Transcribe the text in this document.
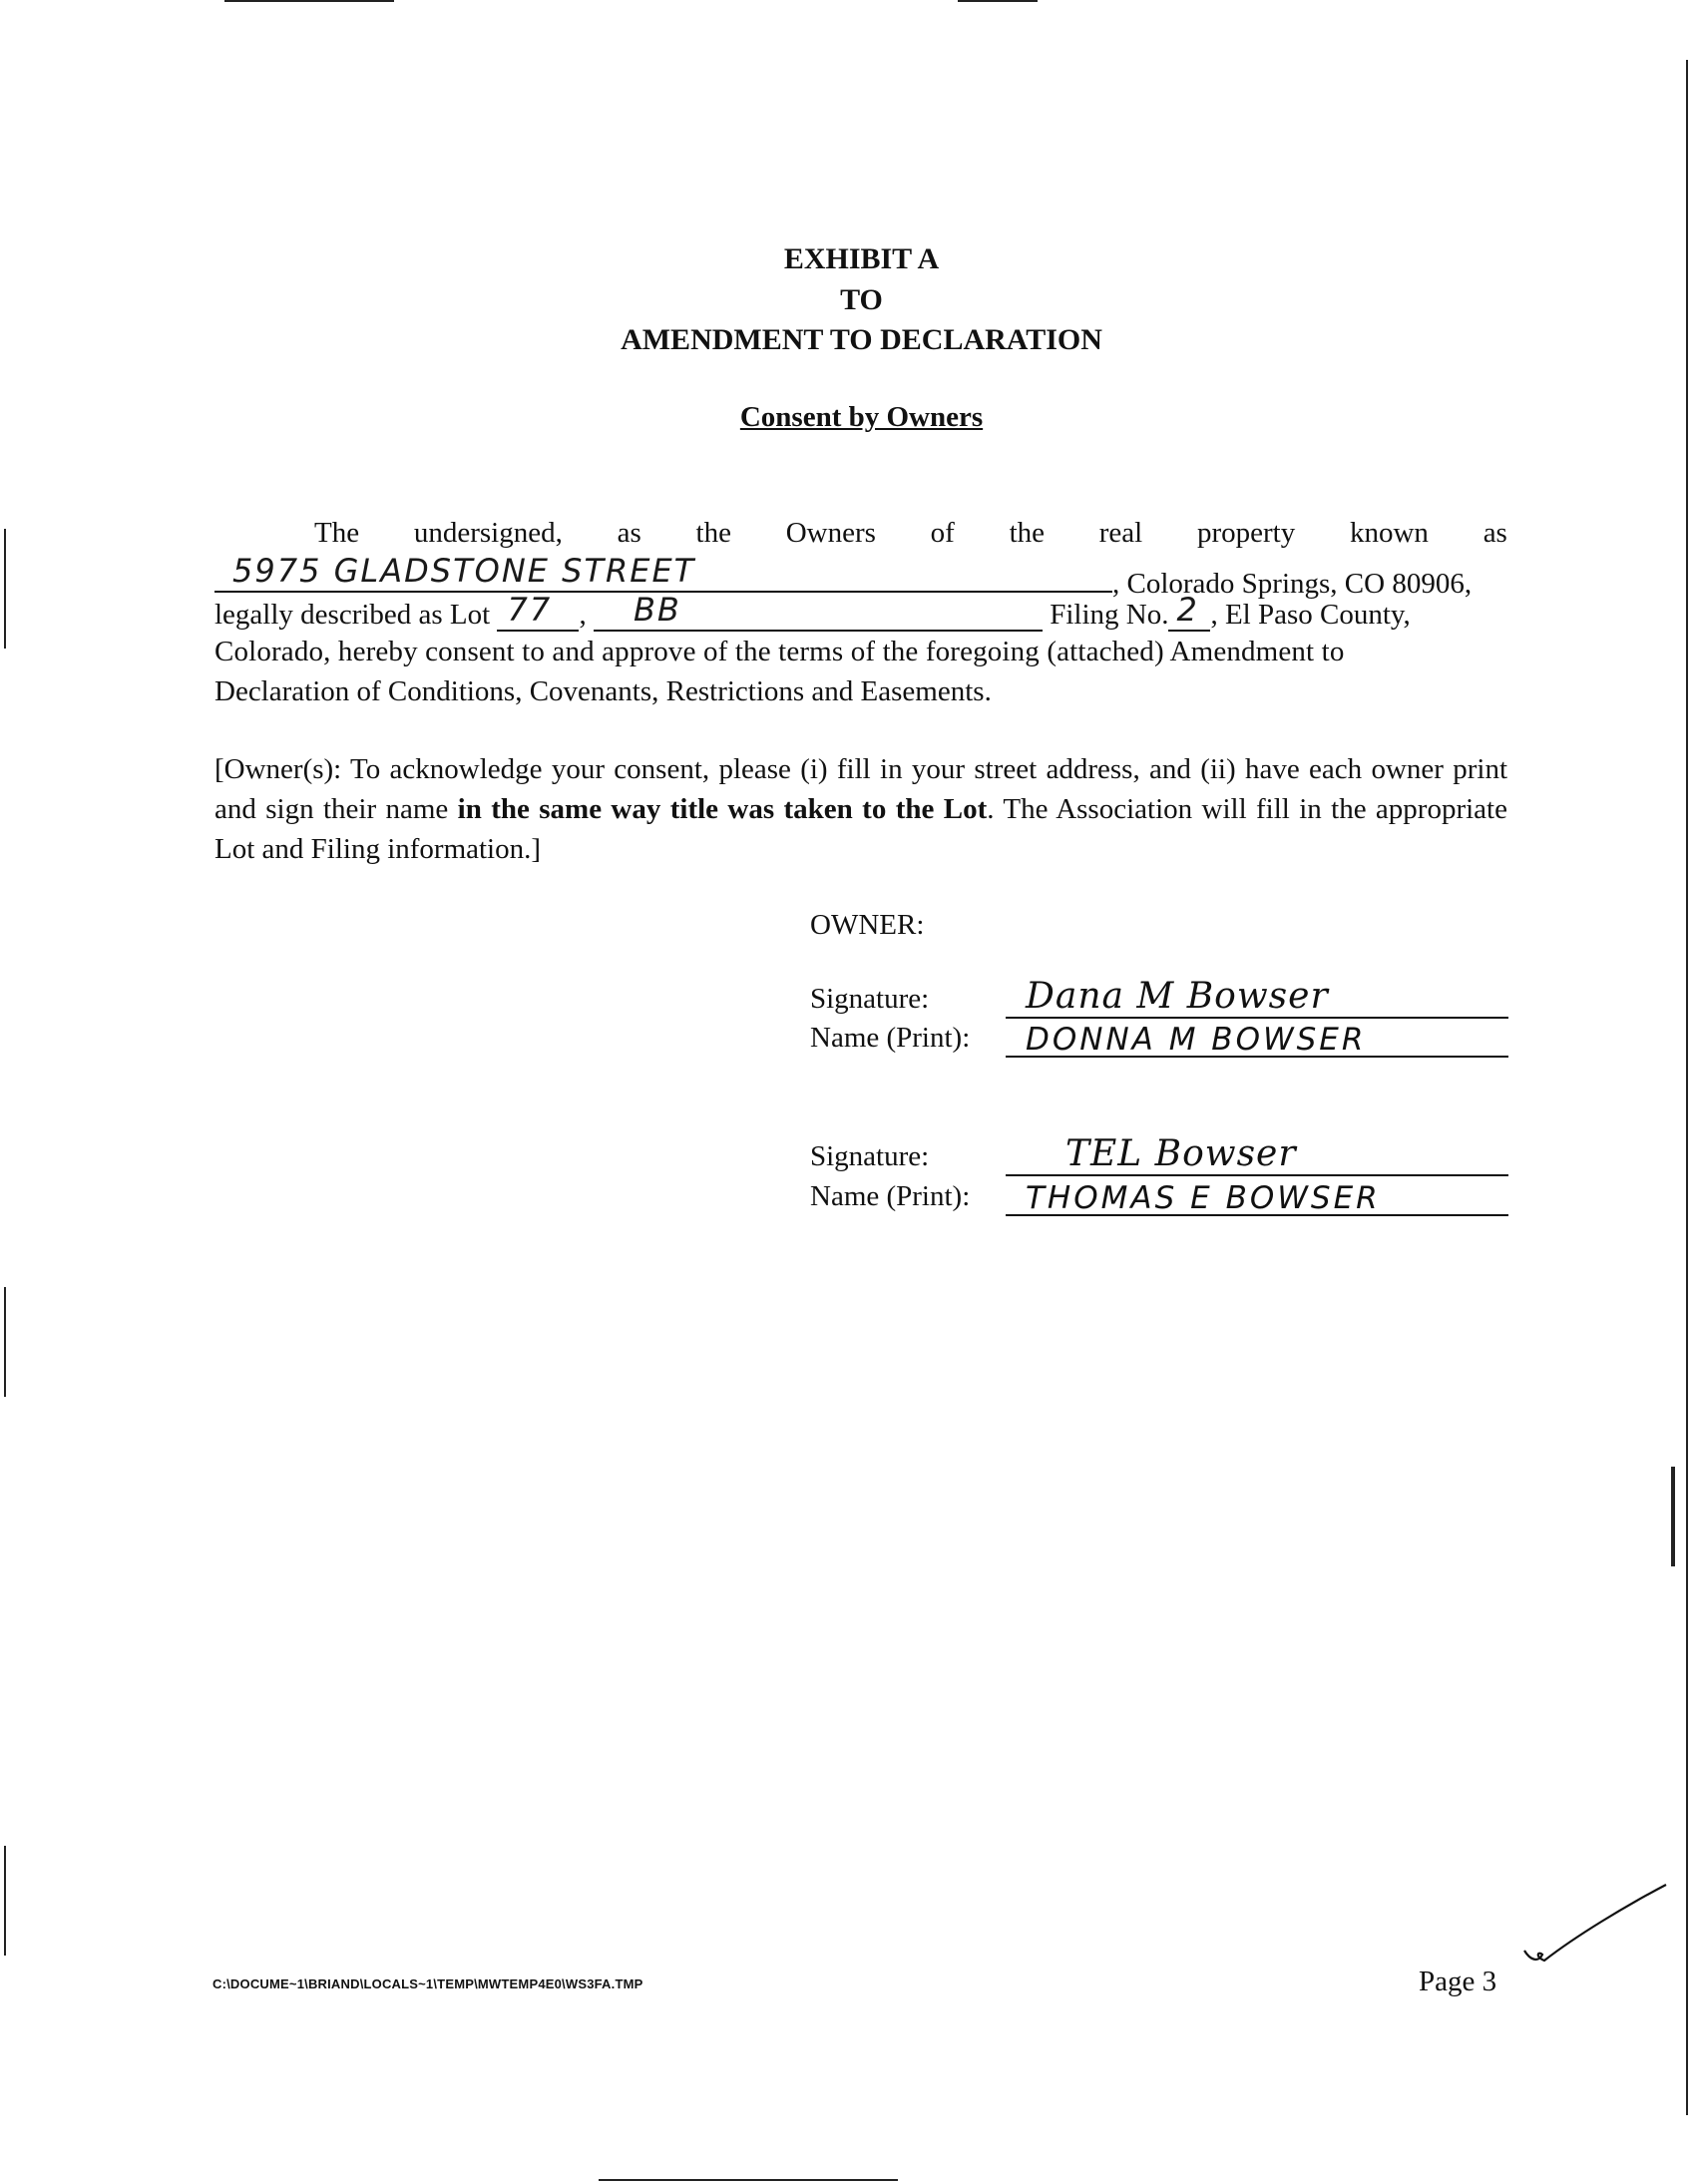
EXHIBIT A
TO
AMENDMENT TO DECLARATION
Consent by Owners
The undersigned, as the Owners of the real property known as
5975 GLADSTONE STREET	, Colorado Springs, CO 80906,
legally described as Lot 77 , BB	Filing No. 2 , El Paso County,
Colorado, hereby consent to and approve of the terms of the foregoing (attached) Amendment to
Declaration of Conditions, Covenants, Restrictions and Easements.
[Owner(s): To acknowledge your consent, please (i) fill in your street address, and (ii) have each owner print and sign their name in the same way title was taken to the Lot. The Association will fill in the appropriate Lot and Filing information.]
OWNER:
Signature:	Dana M Bowser
Name (Print): DONNA M BOWSER
Signature:	TEL Bowser
Name (Print): THOMAS E BOWSER
C:\DOCUME~1\BRIAND\LOCALS~1\TEMP\MWTEMP4E0\WS3FA.TMP	Page 3
